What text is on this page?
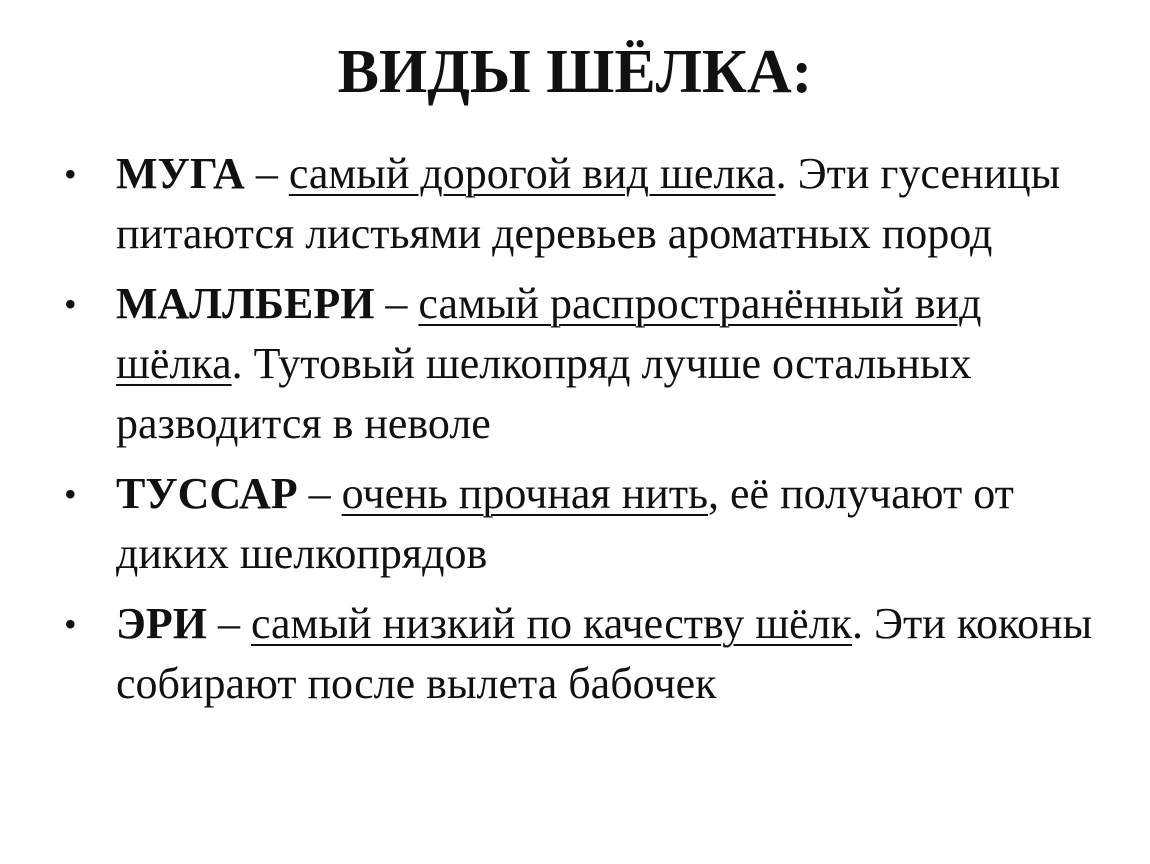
ВИДЫ ШЁЛКА:
• МУГА – самый дорогой вид шелка. Эти гусеницы питаются листьями деревьев ароматных пород
• МАЛЛБЕРИ – самый распространённый вид шёлка. Тутовый шелкопряд лучше остальных разводится в неволе
• ТУССАР – очень прочная нить, её получают от диких шелкопрядов
• ЭРИ – самый низкий по качеству шёлк. Эти коконы собирают после вылета бабочек
